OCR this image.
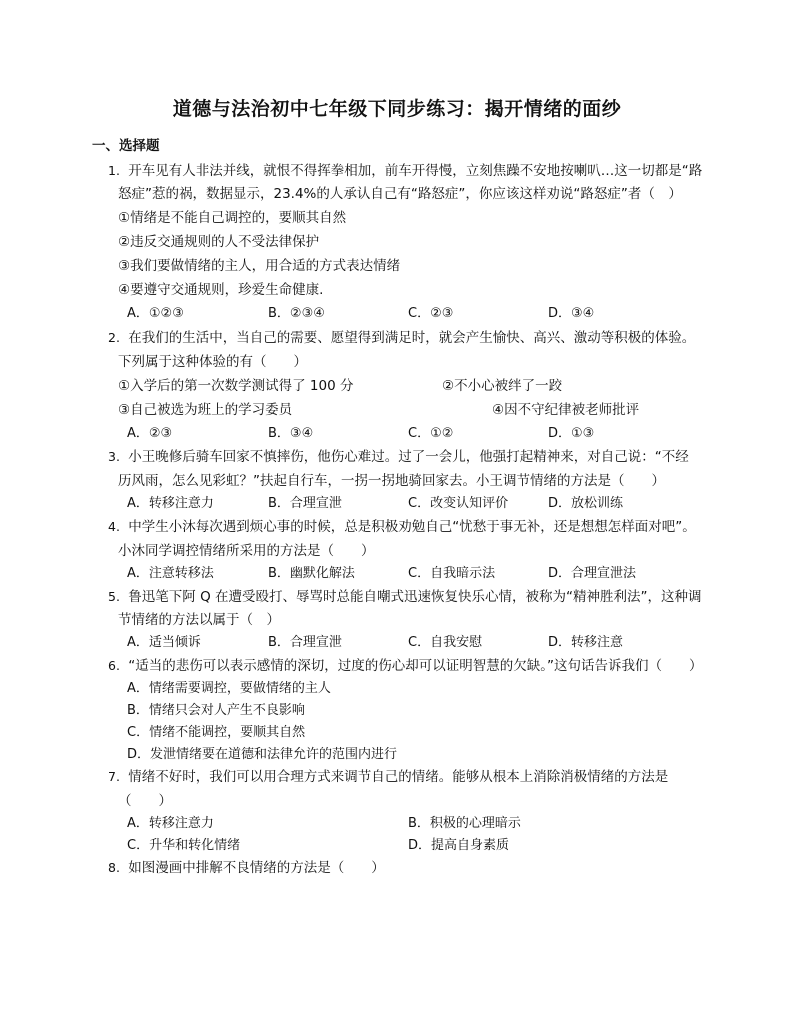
道德与法治初中七年级下同步练习：揭开情绪的面纱
一、选择题
1. 开车见有人非法并线，就恨不得挥拳相加，前车开得慢，立刻焦躁不安地按喇叭…这一切都是“路
怒症”惹的祸，数据显示，23.4%的人承认自己有“路怒症”，你应该这样劝说“路怒症”者（　）
①情绪是不能自己调控的，要顺其自然
②违反交通规则的人不受法律保护
③我们要做情绪的主人，用合适的方式表达情绪
④要遵守交通规则，珍爱生命健康.
A．①②③	B．②③④	C．②③	D．③④
2. 在我们的生活中，当自己的需要、愿望得到满足时，就会产生愉快、高兴、激动等积极的体验。
下列属于这种体验的有（　　）
①入学后的第一次数学测试得了 100 分	②不小心被绊了一跤
③自己被选为班上的学习委员	④因不守纪律被老师批评
A．②③	B．③④	C．①②	D．①③
3. 小王晚修后骑车回家不慎摔伤，他伤心难过。过了一会儿，他强打起精神来，对自己说：“不经
历风雨，怎么见彩虹？”扶起自行车，一拐一拐地骑回家去。小王调节情绪的方法是（　　）
A．转移注意力	B．合理宣泄	C．改变认知评价	D．放松训练
4. 中学生小沐每次遇到烦心事的时候，总是积极劝勉自己“忧愁于事无补，还是想想怎样面对吧”。
小沐同学调控情绪所采用的方法是（　　）
A．注意转移法	B．幽默化解法	C．自我暗示法	D．合理宣泄法
5. 鲁迅笔下阿 Q 在遭受殴打、辱骂时总能自嘲式迅速恢复快乐心情，被称为“精神胜利法”，这种调
节情绪的方法以属于（　）
A．适当倾诉	B．合理宣泄	C．自我安慰	D．转移注意
6. “适当的悲伤可以表示感情的深切，过度的伤心却可以证明智慧的欠缺。”这句话告诉我们（　　）
A．情绪需要调控，要做情绪的主人
B．情绪只会对人产生不良影响
C．情绪不能调控，要顺其自然
D．发泄情绪要在道德和法律允许的范围内进行
7. 情绪不好时，我们可以用合理方式来调节自己的情绪。能够从根本上消除消极情绪的方法是
（　　）
A．转移注意力	B．积极的心理暗示
C．升华和转化情绪	D．提高自身素质
8. 如图漫画中排解不良情绪的方法是（　　）
